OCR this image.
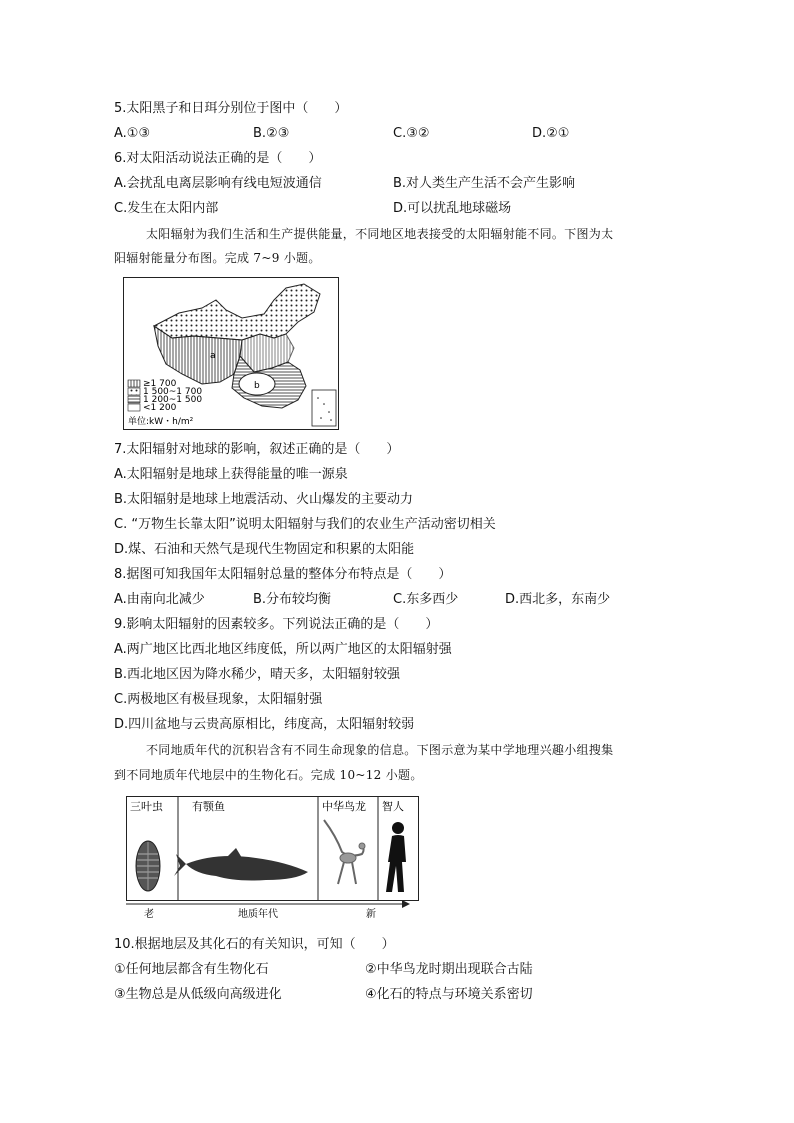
5.太阳黑子和日珥分别位于图中（　　）
A.①③	B.②③	C.③②	D.②①
6.对太阳活动说法正确的是（　　）
A.会扰乱电离层影响有线电短波通信	B.对人类生产生活不会产生影响
C.发生在太阳内部	D.可以扰乱地球磁场
太阳辐射为我们生活和生产提供能量，不同地区地表接受的太阳辐射能不同。下图为太
阳辐射能量分布图。完成 7~9 小题。
b
a
≥1 700
1 500~1 700
1 200~1 500
<1 200
单位:kW・h/m²
7.太阳辐射对地球的影响，叙述正确的是（　　）
A.太阳辐射是地球上获得能量的唯一源泉
B.太阳辐射是地球上地震活动、火山爆发的主要动力
C. “万物生长靠太阳”说明太阳辐射与我们的农业生产活动密切相关
D.煤、石油和天然气是现代生物固定和积累的太阳能
8.据图可知我国年太阳辐射总量的整体分布特点是（　　）
A.由南向北减少	B.分布较均衡	C.东多西少	D.西北多，东南少
9.影响太阳辐射的因素较多。下列说法正确的是（　　）
A.两广地区比西北地区纬度低，所以两广地区的太阳辐射强
B.西北地区因为降水稀少，晴天多，太阳辐射较强
C.两极地区有极昼现象，太阳辐射强
D.四川盆地与云贵高原相比，纬度高，太阳辐射较弱
不同地质年代的沉积岩含有不同生命现象的信息。下图示意为某中学地理兴趣小组搜集
到不同地质年代地层中的生物化石。完成 10~12 小题。
三叶虫	有颚鱼	中华鸟龙 智人
老	地质年代	新
10.根据地层及其化石的有关知识，可知（　　）
①任何地层都含有生物化石	②中华鸟龙时期出现联合古陆
③生物总是从低级向高级进化	④化石的特点与环境关系密切
